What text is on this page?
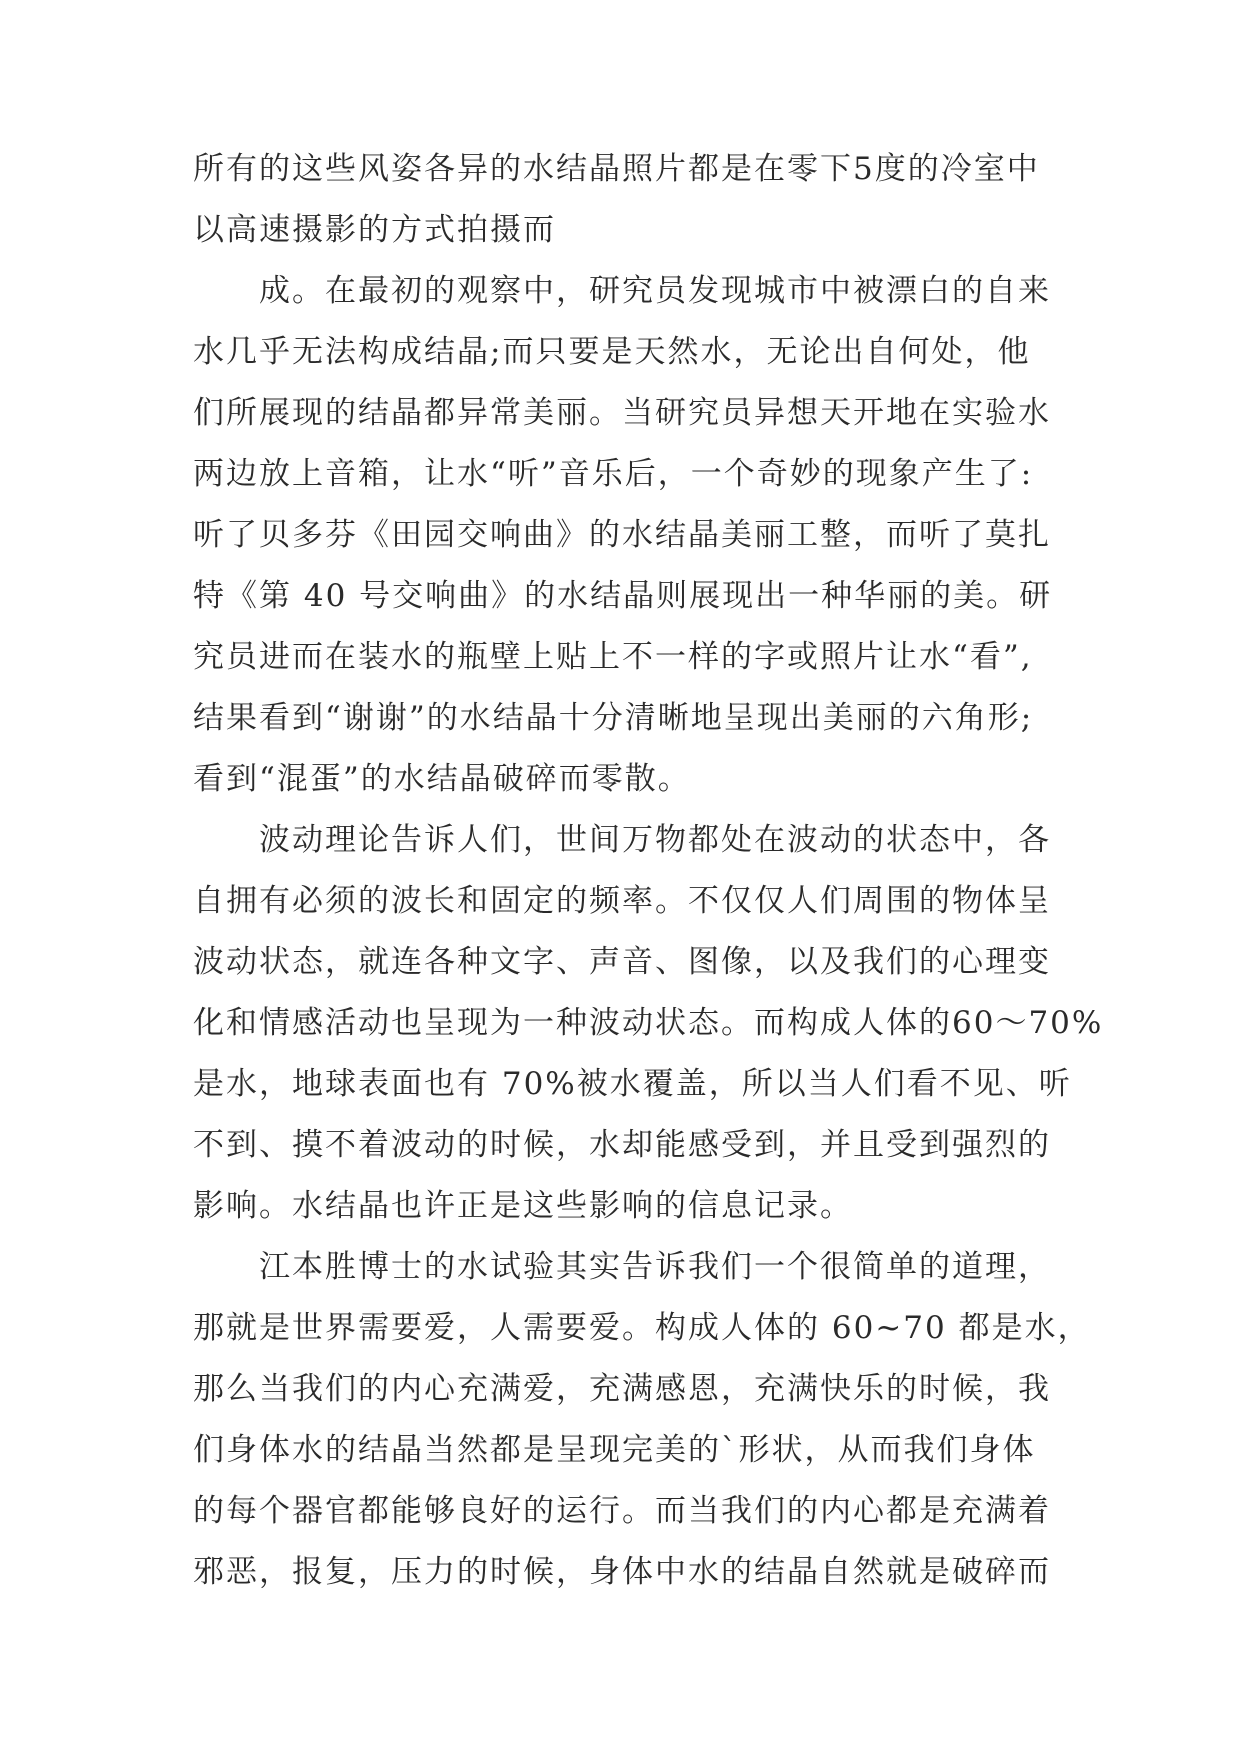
所有的这些风姿各异的水结晶照片都是在零下5度的冷室中
以高速摄影的方式拍摄而
成。在最初的观察中，研究员发现城市中被漂白的自来
水几乎无法构成结晶;而只要是天然水，无论出自何处，他
们所展现的结晶都异常美丽。当研究员异想天开地在实验水
两边放上音箱，让水“听”音乐后，一个奇妙的现象产生了:
听了贝多芬《田园交响曲》的水结晶美丽工整，而听了莫扎
特《第 40 号交响曲》的水结晶则展现出一种华丽的美。研
究员进而在装水的瓶壁上贴上不一样的字或照片让水“看”,
结果看到“谢谢”的水结晶十分清晰地呈现出美丽的六角形;
看到“混蛋”的水结晶破碎而零散。
波动理论告诉人们，世间万物都处在波动的状态中，各
自拥有必须的波长和固定的频率。不仅仅人们周围的物体呈
波动状态，就连各种文字、声音、图像，以及我们的心理变
化和情感活动也呈现为一种波动状态。而构成人体的60～70%
是水，地球表面也有 70%被水覆盖，所以当人们看不见、听
不到、摸不着波动的时候，水却能感受到，并且受到强烈的
影响。水结晶也许正是这些影响的信息记录。
江本胜博士的水试验其实告诉我们一个很简单的道理，
那就是世界需要爱，人需要爱。构成人体的 60~70 都是水，
那么当我们的内心充满爱，充满感恩，充满快乐的时候，我
们身体水的结晶当然都是呈现完美的`形状，从而我们身体
的每个器官都能够良好的运行。而当我们的内心都是充满着
邪恶，报复，压力的时候，身体中水的结晶自然就是破碎而
